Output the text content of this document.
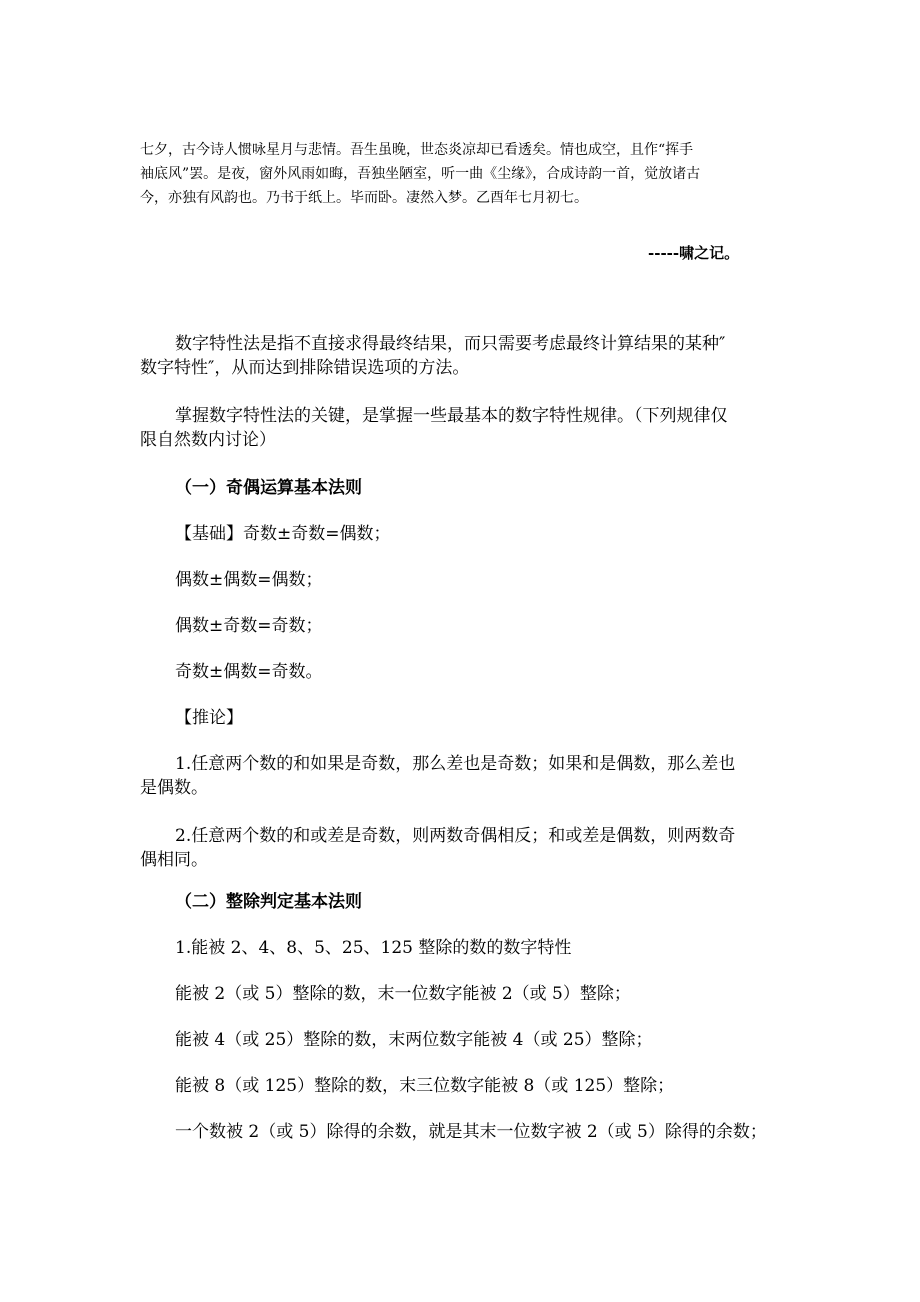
七夕，古今诗人惯咏星月与悲情。吾生虽晚，世态炎凉却已看透矣。情也成空，且作“挥手

袖底风”罢。是夜，窗外风雨如晦，吾独坐陋室，听一曲《尘缘》，合成诗韵一首，觉放诸古

今，亦独有风韵也。乃书于纸上。毕而卧。凄然入梦。乙酉年七月初七。

-----啸之记。

数字特性法是指不直接求得最终结果，而只需要考虑最终计算结果的某种″

数字特性″，从而达到排除错误选项的方法。

掌握数字特性法的关键，是掌握一些最基本的数字特性规律。（下列规律仅

限自然数内讨论）

（一）奇偶运算基本法则

【基础】奇数±奇数=偶数；

偶数±偶数=偶数；

偶数±奇数=奇数；

奇数±偶数=奇数。

【推论】

1.任意两个数的和如果是奇数，那么差也是奇数；如果和是偶数，那么差也

是偶数。

2.任意两个数的和或差是奇数，则两数奇偶相反；和或差是偶数，则两数奇

偶相同。

（二）整除判定基本法则

1.能被 2、4、8、5、25、125 整除的数的数字特性

能被 2（或 5）整除的数，末一位数字能被 2（或 5）整除；

能被 4（或 25）整除的数，末两位数字能被 4（或 25）整除；

能被 8（或 125）整除的数，末三位数字能被 8（或 125）整除；

一个数被 2（或 5）除得的余数，就是其末一位数字被 2（或 5）除得的余数；
